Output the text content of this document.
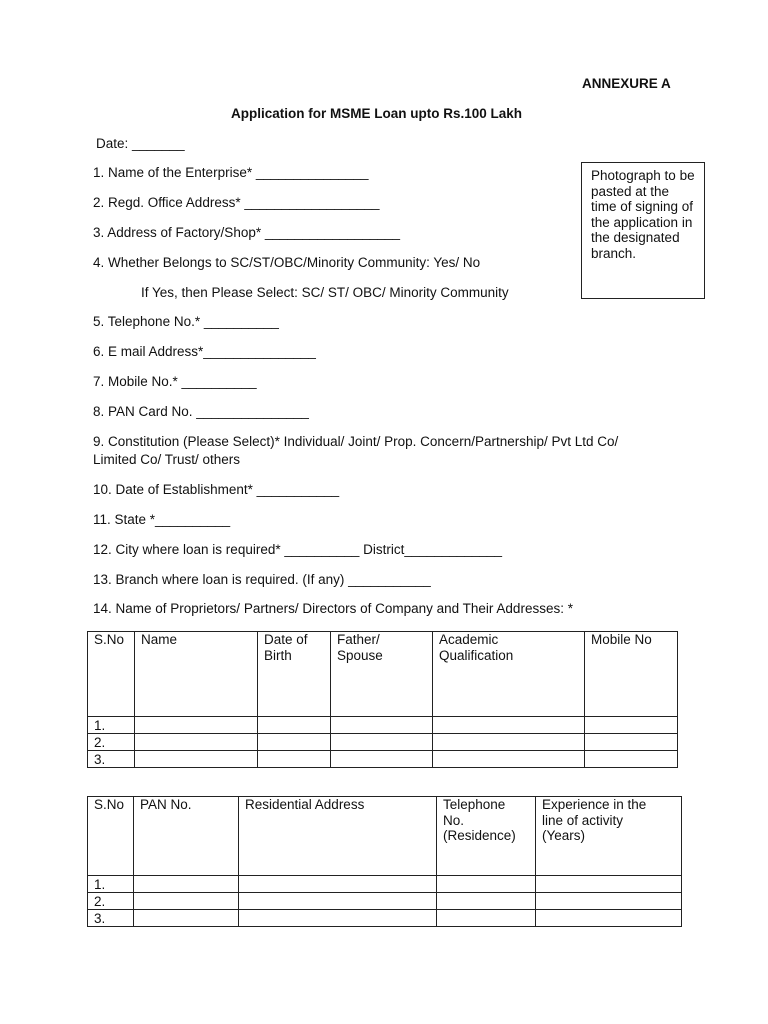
ANNEXURE A
Application for MSME Loan upto Rs.100 Lakh
Date: _______
1. Name of the Enterprise* _______________
2. Regd. Office Address* __________________
3. Address of Factory/Shop* __________________
4. Whether Belongs to SC/ST/OBC/Minority Community: Yes/ No
If Yes, then Please Select: SC/ ST/ OBC/ Minority Community
5. Telephone No.* __________
6. E mail Address*_______________
7. Mobile No.* __________
8. PAN Card No. _______________
9. Constitution (Please Select)* Individual/ Joint/ Prop. Concern/Partnership/ Pvt Ltd Co/
Limited Co/ Trust/ others
10. Date of Establishment* ___________
11. State *__________
12. City where loan is required* __________ District_____________
13. Branch where loan is required. (If any) ___________
14. Name of Proprietors/ Partners/ Directors of Company and Their Addresses: *
Photograph to be pasted at the time of signing of the application in the designated branch.
S.No	Name	Date of Birth	Father/ Spouse	Academic Qualification	Mobile No
1.					
2.					
3.					
S.No	PAN No.	Residential Address	Telephone No. (Residence)	Experience in the line of activity (Years)
1.				
2.				
3.				
